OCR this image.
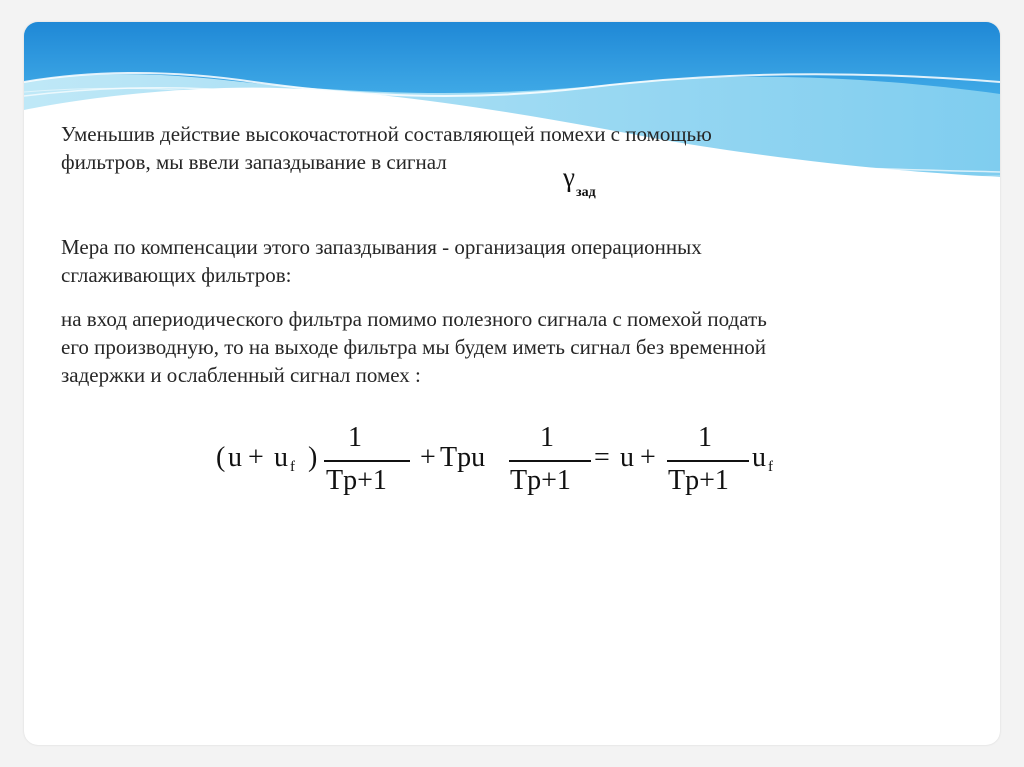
Уменьшив действие высокочастотной составляющей помехи с помощью
фильтров, мы ввели запаздывание в сигнал	$\gamma_{зад}$

Мера по компенсации этого запаздывания - организация операционных
сглаживающих фильтров:

на вход апериодического фильтра помимо полезного сигнала с помехой подать
его производную, то на выходе фильтра мы будем иметь сигнал без временной
задержки и ослабленный сигнал помех :

( u + uf )
1
Tp+1
+ Tpu
1
Tp+1
= u +
1
Tp+1
uf
